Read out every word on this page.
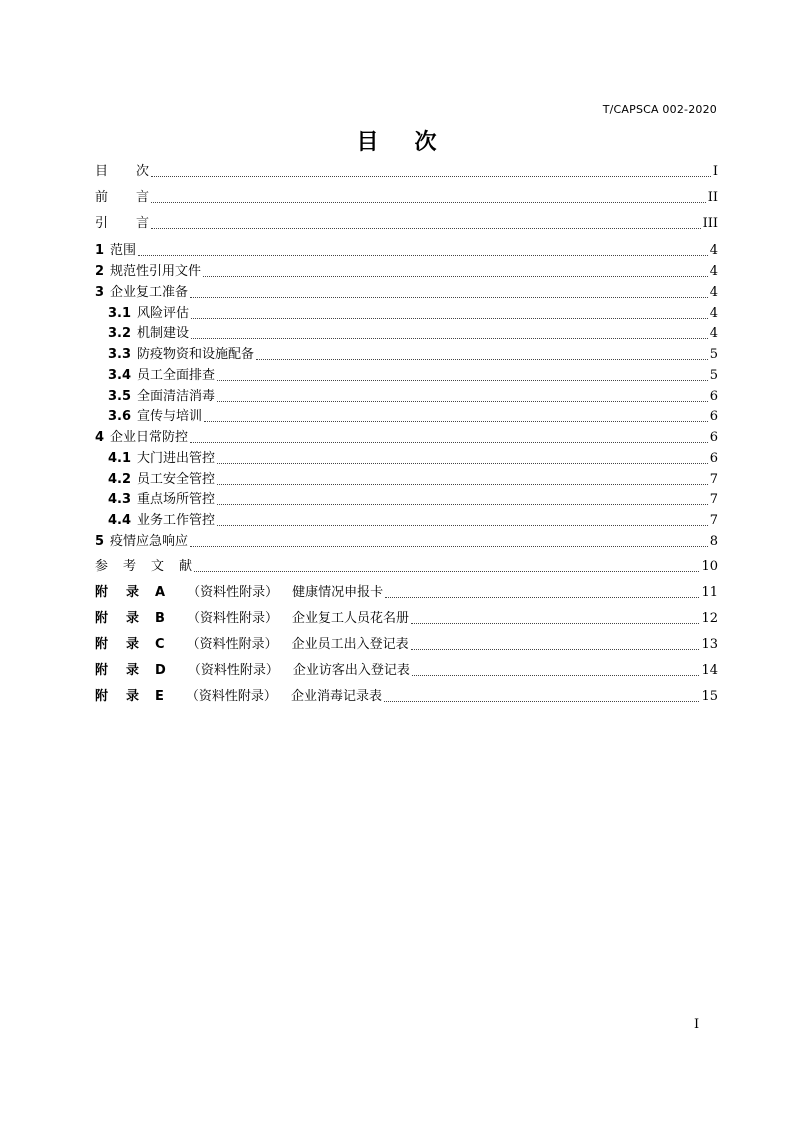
T/CAPSCA 002-2020
目 次
目 次	I
前 言	II
引 言	III
1 范围	4
2 规范性引用文件	4
3 企业复工准备	4
3.1 风险评估	4
3.2 机制建设	4
3.3 防疫物资和设施配备	5
3.4 员工全面排查	5
3.5 全面清洁消毒	6
3.6 宣传与培训	6
4 企业日常防控	6
4.1 大门进出管控	6
4.2 员工安全管控	7
4.3 重点场所管控	7
4.4 业务工作管控	7
5 疫情应急响应	8
参 考 文 献	10
附 录 A （资料性附录） 健康情况申报卡	11
附 录 B （资料性附录） 企业复工人员花名册	12
附 录 C （资料性附录） 企业员工出入登记表	13
附 录 D （资料性附录） 企业访客出入登记表	14
附 录 E （资料性附录） 企业消毒记录表	15
I
